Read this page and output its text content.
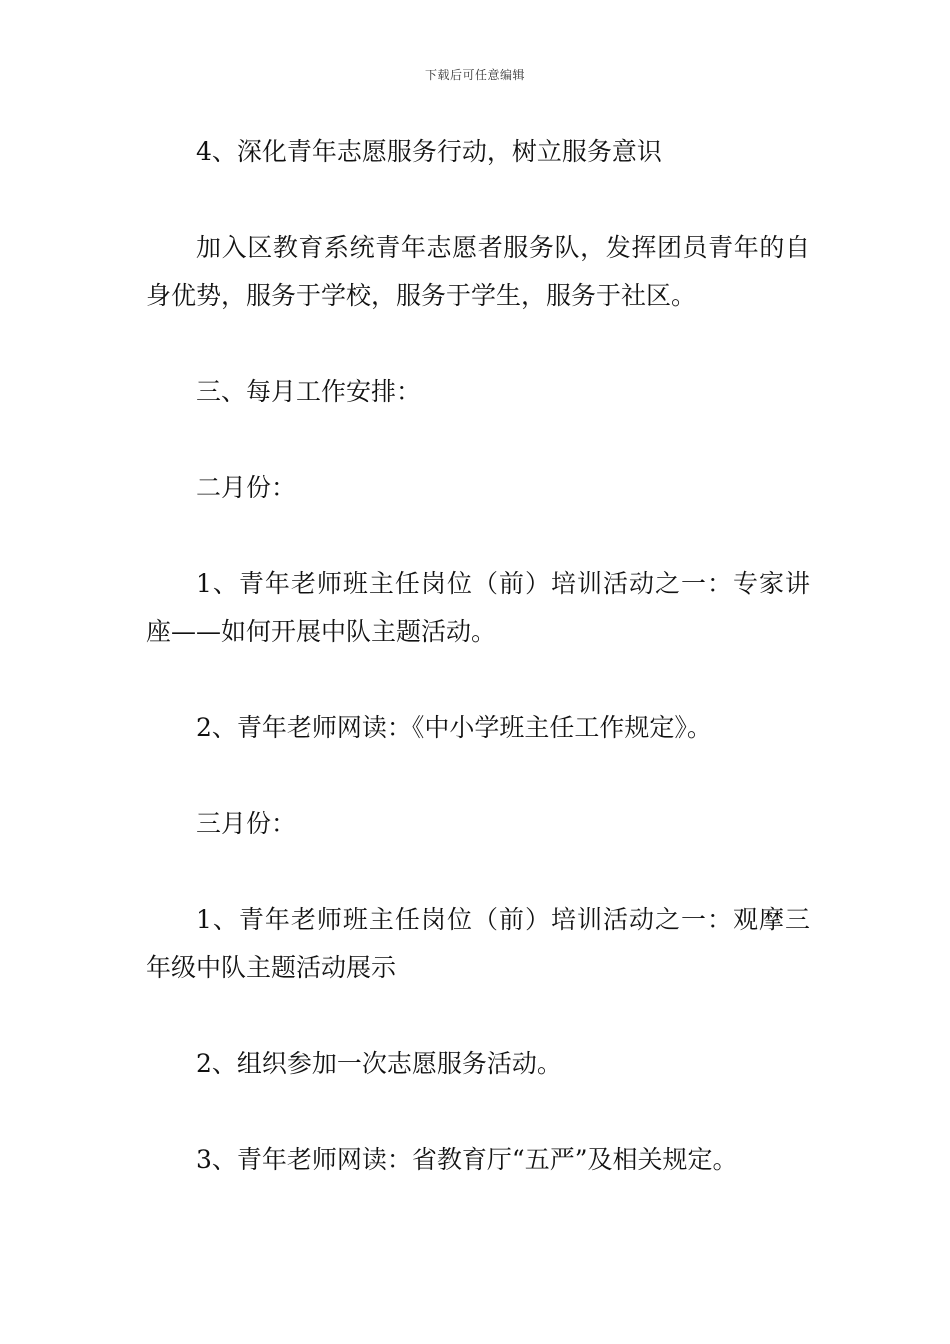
下载后可任意编辑

4、深化青年志愿服务行动，树立服务意识

加入区教育系统青年志愿者服务队，发挥团员青年的自身优势，服务于学校，服务于学生，服务于社区。

三、每月工作安排：

二月份：

1、青年老师班主任岗位（前）培训活动之一：专家讲座——如何开展中队主题活动。

2、青年老师网读：《中小学班主任工作规定》。

三月份：

1、青年老师班主任岗位（前）培训活动之一：观摩三年级中队主题活动展示

2、组织参加一次志愿服务活动。

3、青年老师网读：省教育厅“五严”及相关规定。
